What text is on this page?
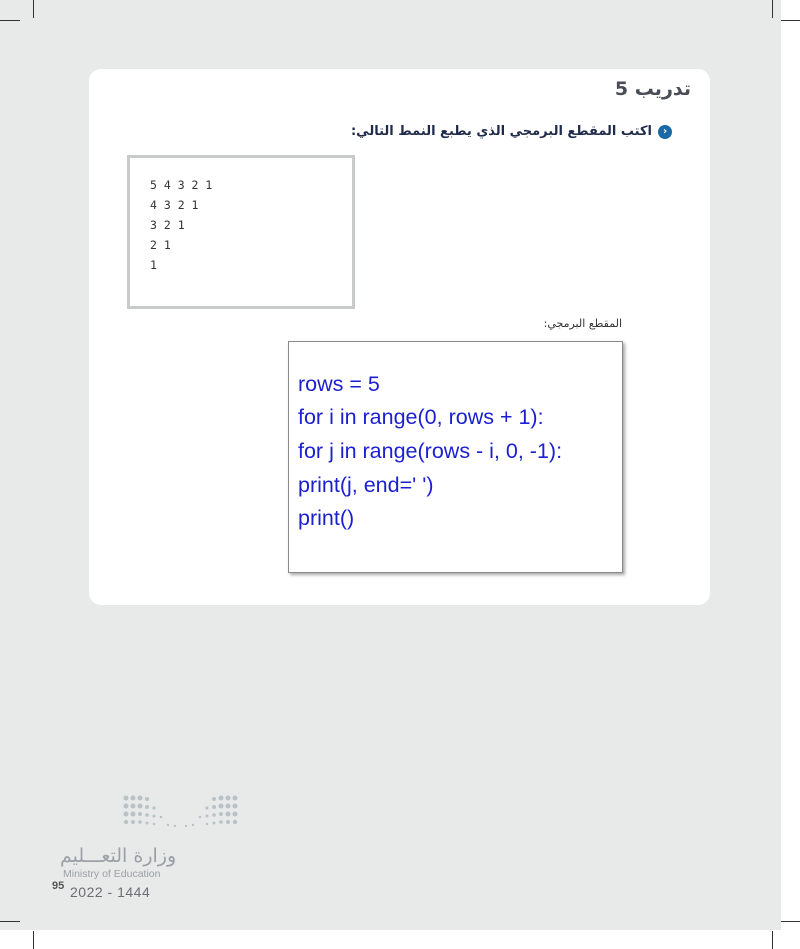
تدريب 5
‹
اكتب المقطع البرمجي الذي يطبع النمط التالي:
5 4 3 2 1
4 3 2 1
3 2 1
2 1
1
المقطع البرمجي:
rows = 5
for i in range(0, rows + 1):
for j in range(rows - i, 0, -1):
print(j, end=' ')
print()
وزارة التعـــليم
Ministry of Education
95 2022 - 1444
